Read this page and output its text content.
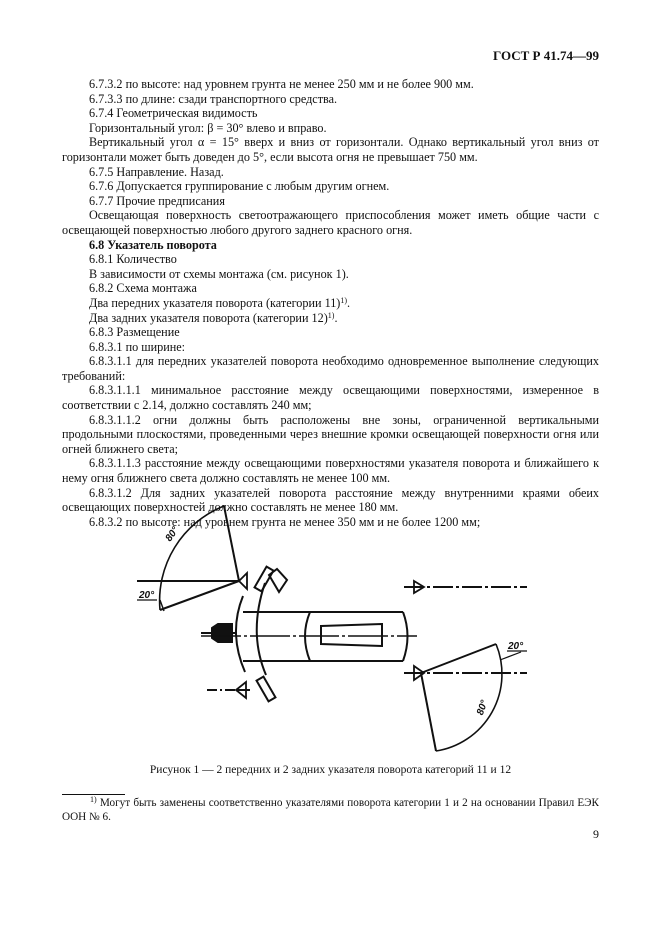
ГОСТ Р 41.74—99

6.7.3.2 по высоте: над уровнем грунта не менее 250 мм и не более 900 мм.

6.7.3.3 по длине: сзади транспортного средства.

6.7.4 Геометрическая видимость

Горизонтальный угол: β = 30° влево и вправо.

Вертикальный угол α = 15° вверх и вниз от горизонтали. Однако вертикальный угол вниз от горизонтали может быть доведен до 5°, если высота огня не превышает 750 мм.

6.7.5 Направление. Назад.

6.7.6 Допускается группирование с любым другим огнем.

6.7.7 Прочие предписания

Освещающая поверхность светоотражающего приспособления может иметь общие части с освещающей поверхностью любого другого заднего красного огня.

6.8 Указатель поворота

6.8.1 Количество

В зависимости от схемы монтажа (см. рисунок 1).

6.8.2 Схема монтажа

Два передних указателя поворота (категории 11)$^{1)}$.

Два задних указателя поворота (категории 12)$^{1)}$.

6.8.3 Размещение

6.8.3.1 по ширине:

6.8.3.1.1 для передних указателей поворота необходимо одновременное выполнение следующих требований:

6.8.3.1.1.1 минимальное расстояние между освещающими поверхностями, измеренное в соответствии с 2.14, должно составлять 240 мм;

6.8.3.1.1.2 огни должны быть расположены вне зоны, ограниченной вертикальными продольными плоскостями, проведенными через внешние кромки освещающей поверхности огня или огней ближнего света;

6.8.3.1.1.3 расстояние между освещающими поверхностями указателя поворота и ближайшего к нему огня ближнего света должно составлять не менее 100 мм.

6.8.3.1.2 Для задних указателей поворота расстояние между внутренними краями обеих освещающих поверхностей должно составлять не менее 180 мм.

6.8.3.2 по высоте: над уровнем грунта не менее 350 мм и не более 1200 мм;

80°
20°
20°
80°
Рисунок 1 — 2 передних и 2 задних указателя поворота категорий 11 и 12
$^{1)}$ Могут быть заменены соответственно указателями поворота категории 1 и 2 на основании Правил ЕЭК ООН № 6.
9
